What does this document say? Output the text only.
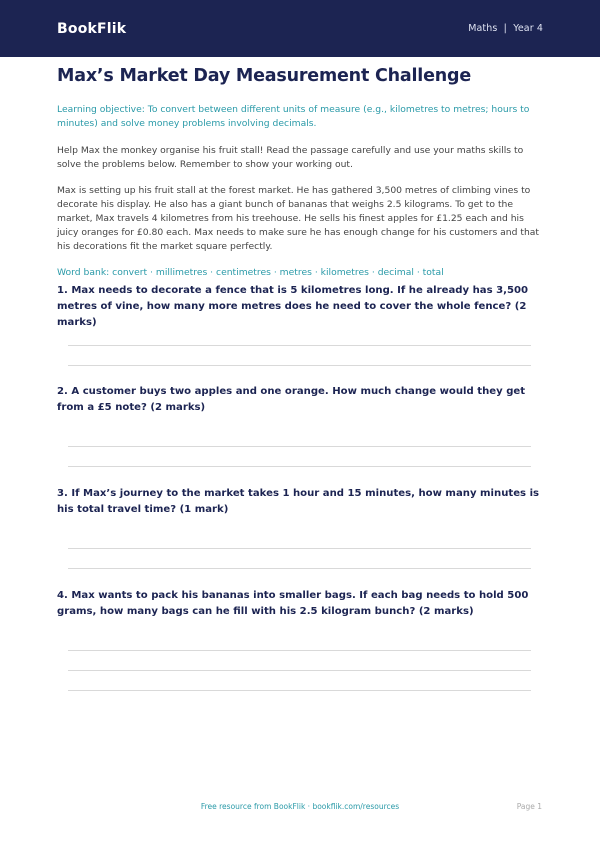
BookFlik	Maths  |  Year 4
Max’s Market Day Measurement Challenge

Learning objective: To convert between different units of measure (e.g., kilometres to metres; hours to minutes) and solve money problems involving decimals.

Help Max the monkey organise his fruit stall! Read the passage carefully and use your maths skills to solve the problems below. Remember to show your working out.

Max is setting up his fruit stall at the forest market. He has gathered 3,500 metres of climbing vines to decorate his display. He also has a giant bunch of bananas that weighs 2.5 kilograms. To get to the market, Max travels 4 kilometres from his treehouse. He sells his finest apples for £1.25 each and his juicy oranges for £0.80 each. Max needs to make sure he has enough change for his customers and that his decorations fit the market square perfectly.

Word bank: convert · millimetres · centimetres · metres · kilometres · decimal · total

1. Max needs to decorate a fence that is 5 kilometres long. If he already has 3,500 metres of vine, how many more metres does he need to cover the whole fence? (2 marks)
2. A customer buys two apples and one orange. How much change would they get from a £5 note? (2 marks)
3. If Max’s journey to the market takes 1 hour and 15 minutes, how many minutes is his total travel time? (1 mark)
4. Max wants to pack his bananas into smaller bags. If each bag needs to hold 500 grams, how many bags can he fill with his 2.5 kilogram bunch? (2 marks)
Free resource from BookFlik · bookflik.com/resources	Page 1
